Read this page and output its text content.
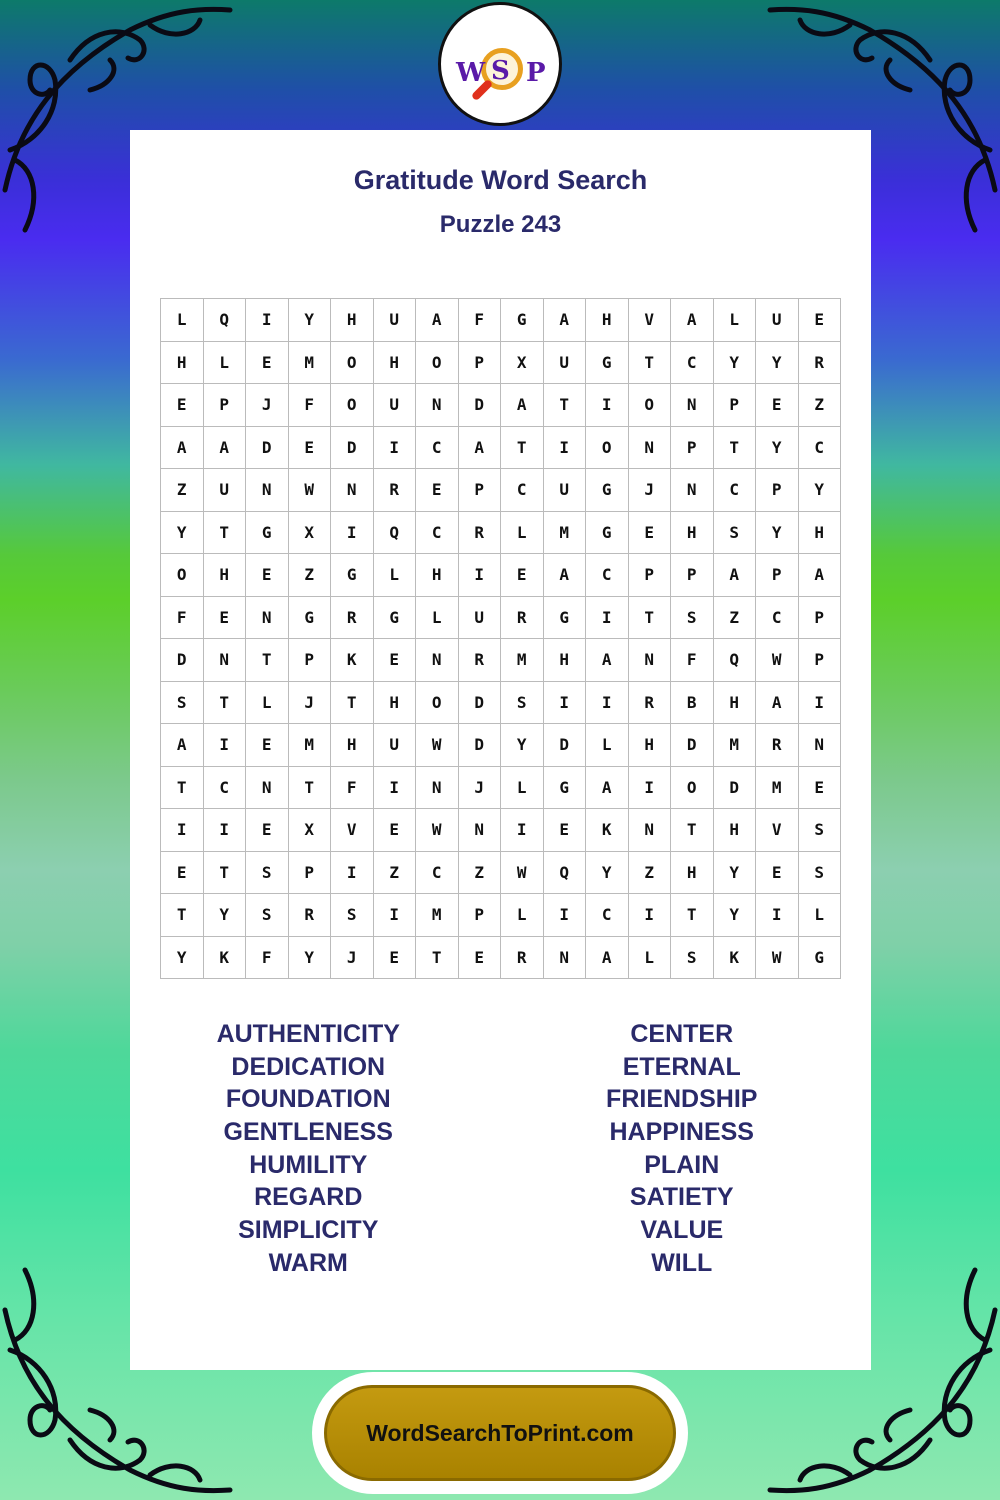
W S P
Gratitude Word Search
Puzzle 243
L	Q	I	Y	H	U	A	F	G	A	H	V	A	L	U	E
H	L	E	M	O	H	O	P	X	U	G	T	C	Y	Y	R
E	P	J	F	O	U	N	D	A	T	I	O	N	P	E	Z
A	A	D	E	D	I	C	A	T	I	O	N	P	T	Y	C
Z	U	N	W	N	R	E	P	C	U	G	J	N	C	P	Y
Y	T	G	X	I	Q	C	R	L	M	G	E	H	S	Y	H
O	H	E	Z	G	L	H	I	E	A	C	P	P	A	P	A
F	E	N	G	R	G	L	U	R	G	I	T	S	Z	C	P
D	N	T	P	K	E	N	R	M	H	A	N	F	Q	W	P
S	T	L	J	T	H	O	D	S	I	I	R	B	H	A	I
A	I	E	M	H	U	W	D	Y	D	L	H	D	M	R	N
T	C	N	T	F	I	N	J	L	G	A	I	O	D	M	E
I	I	E	X	V	E	W	N	I	E	K	N	T	H	V	S
E	T	S	P	I	Z	C	Z	W	Q	Y	Z	H	Y	E	S
T	Y	S	R	S	I	M	P	L	I	C	I	T	Y	I	L
Y	K	F	Y	J	E	T	E	R	N	A	L	S	K	W	G
AUTHENTICITY
DEDICATION
FOUNDATION
GENTLENESS
HUMILITY
REGARD
SIMPLICITY
WARM
CENTER
ETERNAL
FRIENDSHIP
HAPPINESS
PLAIN
SATIETY
VALUE
WILL
WordSearchToPrint.com
